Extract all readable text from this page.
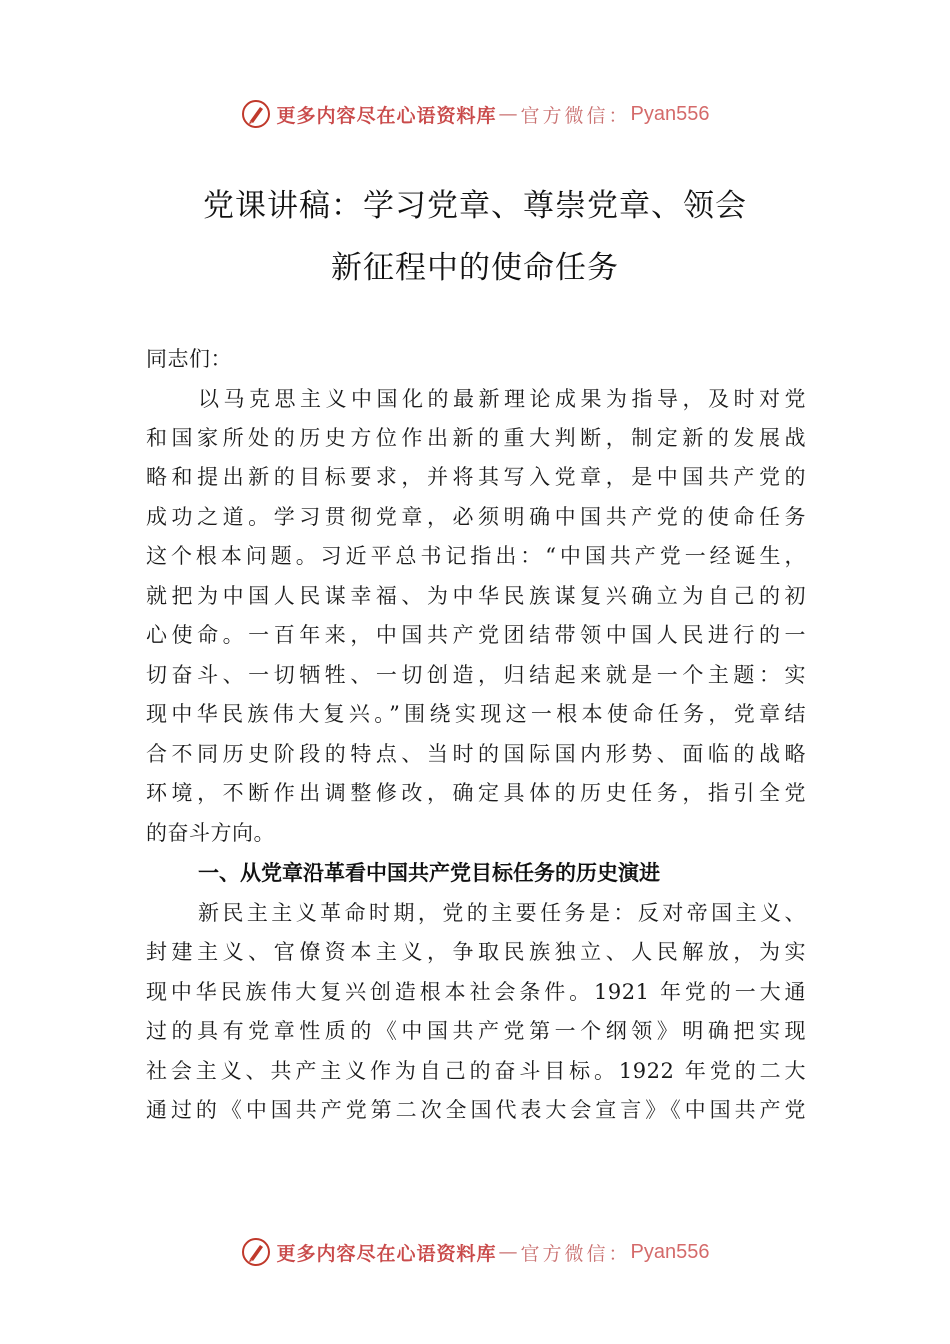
更多内容尽在心语资料库 — 官方微信： Pyan556
党课讲稿：学习党章、尊崇党章、领会
新征程中的使命任务
同志们：
以马克思主义中国化的最新理论成果为指导，及时对党
和国家所处的历史方位作出新的重大判断，制定新的发展战
略和提出新的目标要求，并将其写入党章，是中国共产党的
成功之道。学习贯彻党章，必须明确中国共产党的使命任务
这个根本问题。习近平总书记指出：“中国共产党一经诞生，
就把为中国人民谋幸福、为中华民族谋复兴确立为自己的初
心使命。一百年来，中国共产党团结带领中国人民进行的一
切奋斗、一切牺牲、一切创造，归结起来就是一个主题：实
现中华民族伟大复兴。”围绕实现这一根本使命任务，党章结
合不同历史阶段的特点、当时的国际国内形势、面临的战略
环境，不断作出调整修改，确定具体的历史任务，指引全党
的奋斗方向。
一、从党章沿革看中国共产党目标任务的历史演进
新民主主义革命时期，党的主要任务是：反对帝国主义、
封建主义、官僚资本主义，争取民族独立、人民解放，为实
现中华民族伟大复兴创造根本社会条件。1921 年党的一大通
过的具有党章性质的《中国共产党第一个纲领》明确把实现
社会主义、共产主义作为自己的奋斗目标。1922 年党的二大
通过的《中国共产党第二次全国代表大会宣言》《中国共产党
更多内容尽在心语资料库 — 官方微信： Pyan556
